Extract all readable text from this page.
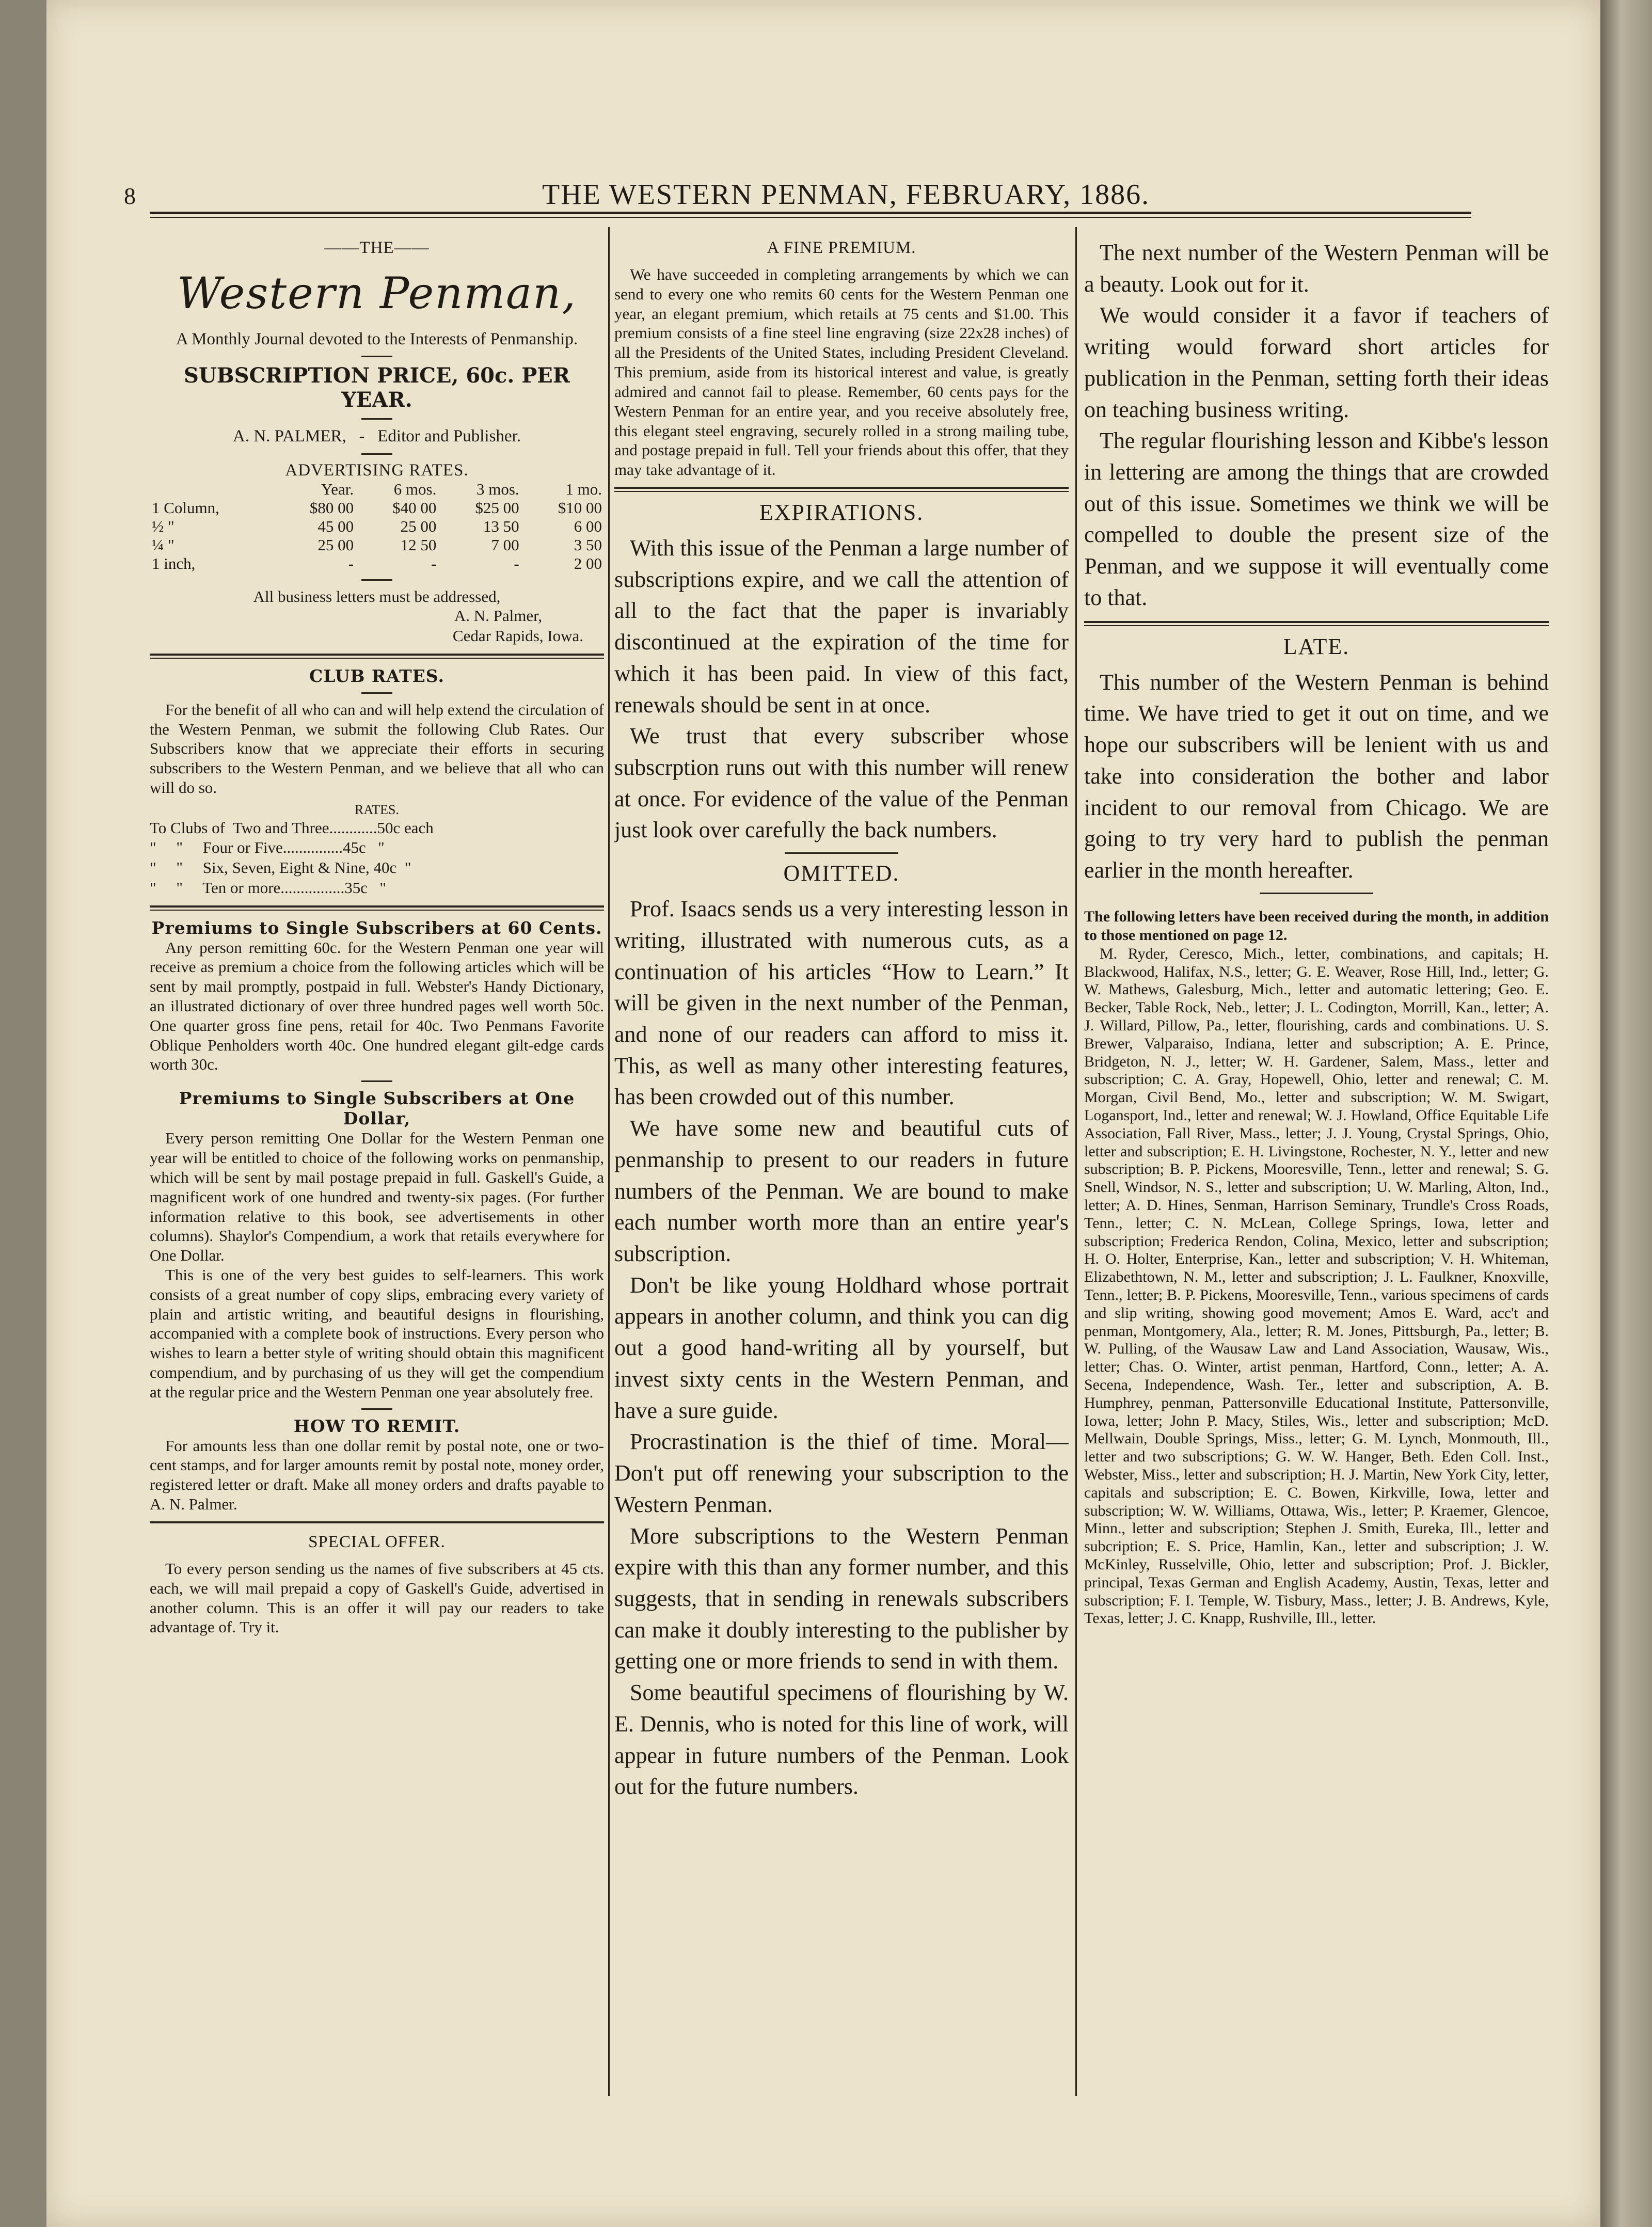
8	THE WESTERN PENMAN, FEBRUARY, 1886.

——THE——

Western Penman,

A Monthly Journal devoted to the Interests of Penmanship.

SUBSCRIPTION PRICE, 60c. PER YEAR.

A. N. PALMER,   -   Editor and Publisher.

ADVERTISING RATES.

	Year.	6 mos.	3 mos.	1 mo.
1 Column,	$80 00	$40 00	$25 00	$10 00
½ "	45 00	25 00	13 50	6 00
¼ "	25 00	12 50	7 00	3 50
1 inch,	-	-	-	2 00

All business letters must be addressed,

A. N. Palmer,

Cedar Rapids, Iowa.

CLUB RATES.

For the benefit of all who can and will help extend the circulation of the Western Penman, we submit the following Club Rates. Our Subscribers know that we appreciate their efforts in securing subscribers to the Western Penman, and we believe that all who can will do so.

RATES.

To Clubs of  Two and Three............50c each
"     "     Four or Five...............45c   "
"     "     Six, Seven, Eight & Nine, 40c  "
"     "     Ten or more................35c   "

Premiums to Single Subscribers at 60 Cents.

Any person remitting 60c. for the Western Penman one year will receive as premium a choice from the following articles which will be sent by mail promptly, postpaid in full. Webster's Handy Dictionary, an illustrated dictionary of over three hundred pages well worth 50c. One quarter gross fine pens, retail for 40c. Two Penmans Favorite Oblique Penholders worth 40c. One hundred elegant gilt-edge cards worth 30c.

Premiums to Single Subscribers at One Dollar,

Every person remitting One Dollar for the Western Penman one year will be entitled to choice of the following works on penmanship, which will be sent by mail postage prepaid in full. Gaskell's Guide, a magnificent work of one hundred and twenty-six pages. (For further information relative to this book, see advertisements in other columns). Shaylor's Compendium, a work that retails everywhere for One Dollar.

This is one of the very best guides to self-learners. This work consists of a great number of copy slips, embracing every variety of plain and artistic writing, and beautiful designs in flourishing, accompanied with a complete book of instructions. Every person who wishes to learn a better style of writing should obtain this magnificent compendium, and by purchasing of us they will get the compendium at the regular price and the Western Penman one year absolutely free.

HOW TO REMIT.

For amounts less than one dollar remit by postal note, one or two-cent stamps, and for larger amounts remit by postal note, money order, registered letter or draft. Make all money orders and drafts payable to A. N. Palmer.

SPECIAL OFFER.

To every person sending us the names of five subscribers at 45 cts. each, we will mail prepaid a copy of Gaskell's Guide, advertised in another column. This is an offer it will pay our readers to take advantage of. Try it.

A FINE PREMIUM.

We have succeeded in completing arrangements by which we can send to every one who remits 60 cents for the Western Penman one year, an elegant premium, which retails at 75 cents and $1.00. This premium consists of a fine steel line engraving (size 22x28 inches) of all the Presidents of the United States, including President Cleveland. This premium, aside from its historical interest and value, is greatly admired and cannot fail to please. Remember, 60 cents pays for the Western Penman for an entire year, and you receive absolutely free, this elegant steel engraving, securely rolled in a strong mailing tube, and postage prepaid in full. Tell your friends about this offer, that they may take advantage of it.

EXPIRATIONS.

With this issue of the Penman a large number of subscriptions expire, and we call the attention of all to the fact that the paper is invariably discontinued at the expiration of the time for which it has been paid. In view of this fact, renewals should be sent in at once.

We trust that every subscriber whose subscrption runs out with this number will renew at once. For evidence of the value of the Penman just look over carefully the back numbers.

OMITTED.

Prof. Isaacs sends us a very interesting lesson in writing, illustrated with numerous cuts, as a continuation of his articles “How to Learn.” It will be given in the next number of the Penman, and none of our readers can afford to miss it. This, as well as many other interesting features, has been crowded out of this number.

We have some new and beautiful cuts of penmanship to present to our readers in future numbers of the Penman. We are bound to make each number worth more than an entire year's subscription.

Don't be like young Holdhard whose portrait appears in another column, and think you can dig out a good hand-writing all by yourself, but invest sixty cents in the Western Penman, and have a sure guide.

Procrastination is the thief of time. Moral—Don't put off renewing your subscription to the Western Penman.

More subscriptions to the Western Penman expire with this than any former number, and this suggests, that in sending in renewals subscribers can make it doubly interesting to the publisher by getting one or more friends to send in with them.

Some beautiful specimens of flourishing by W. E. Dennis, who is noted for this line of work, will appear in future numbers of the Penman. Look out for the future numbers.

The next number of the Western Penman will be a beauty. Look out for it.

We would consider it a favor if teachers of writing would forward short articles for publication in the Penman, setting forth their ideas on teaching business writing.

The regular flourishing lesson and Kibbe's lesson in lettering are among the things that are crowded out of this issue. Sometimes we think we will be compelled to double the present size of the Penman, and we suppose it will eventually come to that.

LATE.

This number of the Western Penman is behind time. We have tried to get it out on time, and we hope our subscribers will be lenient with us and take into consideration the bother and labor incident to our removal from Chicago. We are going to try very hard to publish the penman earlier in the month hereafter.

The following letters have been received during the month, in addition to those mentioned on page 12.

M. Ryder, Ceresco, Mich., letter, combinations, and capitals; H. Blackwood, Halifax, N.S., letter; G. E. Weaver, Rose Hill, Ind., letter; G. W. Mathews, Galesburg, Mich., letter and automatic lettering; Geo. E. Becker, Table Rock, Neb., letter; J. L. Codington, Morrill, Kan., letter; A. J. Willard, Pillow, Pa., letter, flourishing, cards and combinations. U. S. Brewer, Valparaiso, Indiana, letter and subscription; A. E. Prince, Bridgeton, N. J., letter; W. H. Gardener, Salem, Mass., letter and subscription; C. A. Gray, Hopewell, Ohio, letter and renewal; C. M. Morgan, Civil Bend, Mo., letter and subscription; W. M. Swigart, Logansport, Ind., letter and renewal; W. J. Howland, Office Equitable Life Association, Fall River, Mass., letter; J. J. Young, Crystal Springs, Ohio, letter and subscription; E. H. Livingstone, Rochester, N. Y., letter and new subscription; B. P. Pickens, Mooresville, Tenn., letter and renewal; S. G. Snell, Windsor, N. S., letter and subscription; U. W. Marling, Alton, Ind., letter; A. D. Hines, Senman, Harrison Seminary, Trundle's Cross Roads, Tenn., letter; C. N. McLean, College Springs, Iowa, letter and subscription; Frederica Rendon, Colina, Mexico, letter and subscription; H. O. Holter, Enterprise, Kan., letter and subscription; V. H. Whiteman, Elizabethtown, N. M., letter and subscription; J. L. Faulkner, Knoxville, Tenn., letter; B. P. Pickens, Mooresville, Tenn., various specimens of cards and slip writing, showing good movement; Amos E. Ward, acc't and penman, Montgomery, Ala., letter; R. M. Jones, Pittsburgh, Pa., letter; B. W. Pulling, of the Wausaw Law and Land Association, Wausaw, Wis., letter; Chas. O. Winter, artist penman, Hartford, Conn., letter; A. A. Secena, Independence, Wash. Ter., letter and subscription, A. B. Humphrey, penman, Pattersonville Educational Institute, Pattersonville, Iowa, letter; John P. Macy, Stiles, Wis., letter and subscription; McD. Mellwain, Double Springs, Miss., letter; G. M. Lynch, Monmouth, Ill., letter and two subscriptions; G. W. W. Hanger, Beth. Eden Coll. Inst., Webster, Miss., letter and subscription; H. J. Martin, New York City, letter, capitals and subscription; E. C. Bowen, Kirkville, Iowa, letter and subscription; W. W. Williams, Ottawa, Wis., letter; P. Kraemer, Glencoe, Minn., letter and subscription; Stephen J. Smith, Eureka, Ill., letter and subcription; E. S. Price, Hamlin, Kan., letter and subscription; J. W. McKinley, Russelville, Ohio, letter and subscription; Prof. J. Bickler, principal, Texas German and English Academy, Austin, Texas, letter and subscription; F. I. Temple, W. Tisbury, Mass., letter; J. B. Andrews, Kyle, Texas, letter; J. C. Knapp, Rushville, Ill., letter.
